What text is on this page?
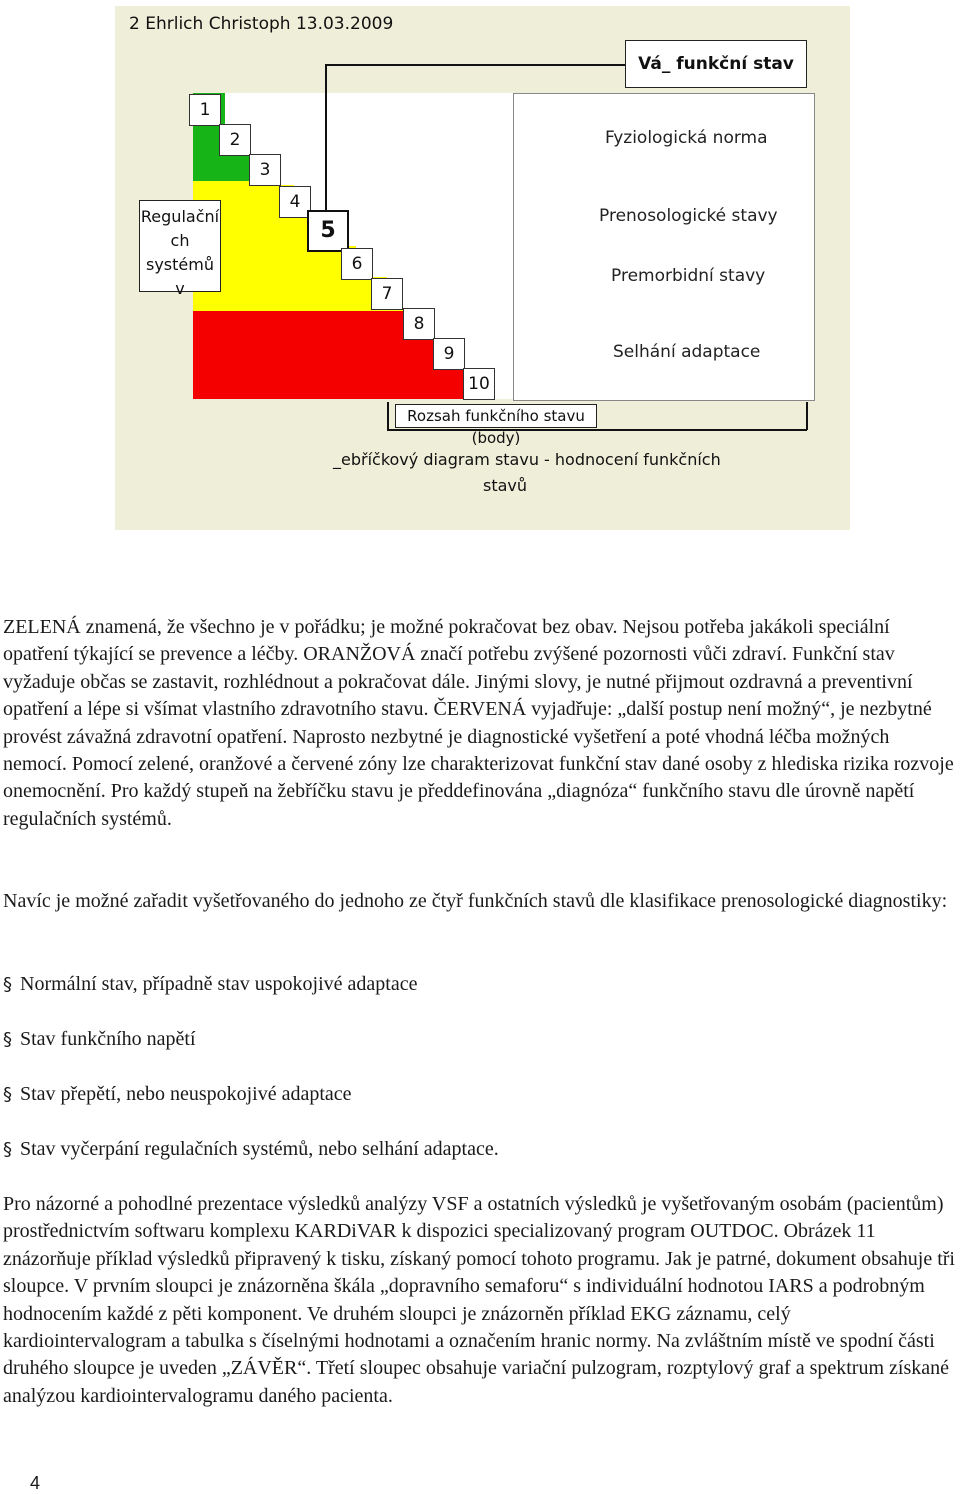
2 Ehrlich Christoph 13.03.2009
Vá_ funkční stav
1
2
3
4
5
6
7
8
9
10
Regulační
ch
systémů v
Fyziologická norma
Prenosologické stavy
Premorbidní stavy
Selhání adaptace
Rozsah funkčního stavu (body)
_ebříčkový diagram stavu - hodnocení funkčních
stavů

ZELENÁ znamená, že všechno je v pořádku; je možné pokračovat bez obav. Nejsou potřeba jakákoli speciální opatření týkající se prevence a léčby. ORANŽOVÁ značí potřebu zvýšené pozornosti vůči zdraví. Funkční stav vyžaduje občas se zastavit, rozhlédnout a pokračovat dále. Jinými slovy, je nutné přijmout ozdravná a preventivní opatření a lépe si všímat vlastního zdravotního stavu. ČERVENÁ vyjadřuje: „další postup není možný“, je nezbytné provést závažná zdravotní opatření. Naprosto nezbytné je diagnostické vyšetření a poté vhodná léčba možných nemocí. Pomocí zelené, oranžové a červené zóny lze charakterizovat funkční stav dané osoby z hlediska rizika rozvoje onemocnění. Pro každý stupeň na žebříčku stavu je předdefinována „diagnóza“ funkčního stavu dle úrovně napětí regulačních systémů.

Navíc je možné zařadit vyšetřovaného do jednoho ze čtyř funkčních stavů dle klasifikace prenosologické diagnostiky:

§ Normální stav, případně stav uspokojivé adaptace
§ Stav funkčního napětí
§ Stav přepětí, nebo neuspokojivé adaptace
§ Stav vyčerpání regulačních systémů, nebo selhání adaptace.

Pro názorné a pohodlné prezentace výsledků analýzy VSF a ostatních výsledků je vyšetřovaným osobám (pacientům) prostřednictvím softwaru komplexu KARDiVAR k dispozici specializovaný program OUTDOC. Obrázek 11 znázorňuje příklad výsledků připravený k tisku, získaný pomocí tohoto programu. Jak je patrné, dokument obsahuje tři sloupce. V prvním sloupci je znázorněna škála „dopravního semaforu“ s individuální hodnotou IARS a podrobným hodnocením každé z pěti komponent. Ve druhém sloupci je znázorněn příklad EKG záznamu, celý kardiointervalogram a tabulka s číselnými hodnotami a označením hranic normy. Na zvláštním místě ve spodní části druhého sloupce je uveden „ZÁVĚR“. Třetí sloupec obsahuje variační pulzogram, rozptylový graf a spektrum získané analýzou kardiointervalogramu daného pacienta.

4
